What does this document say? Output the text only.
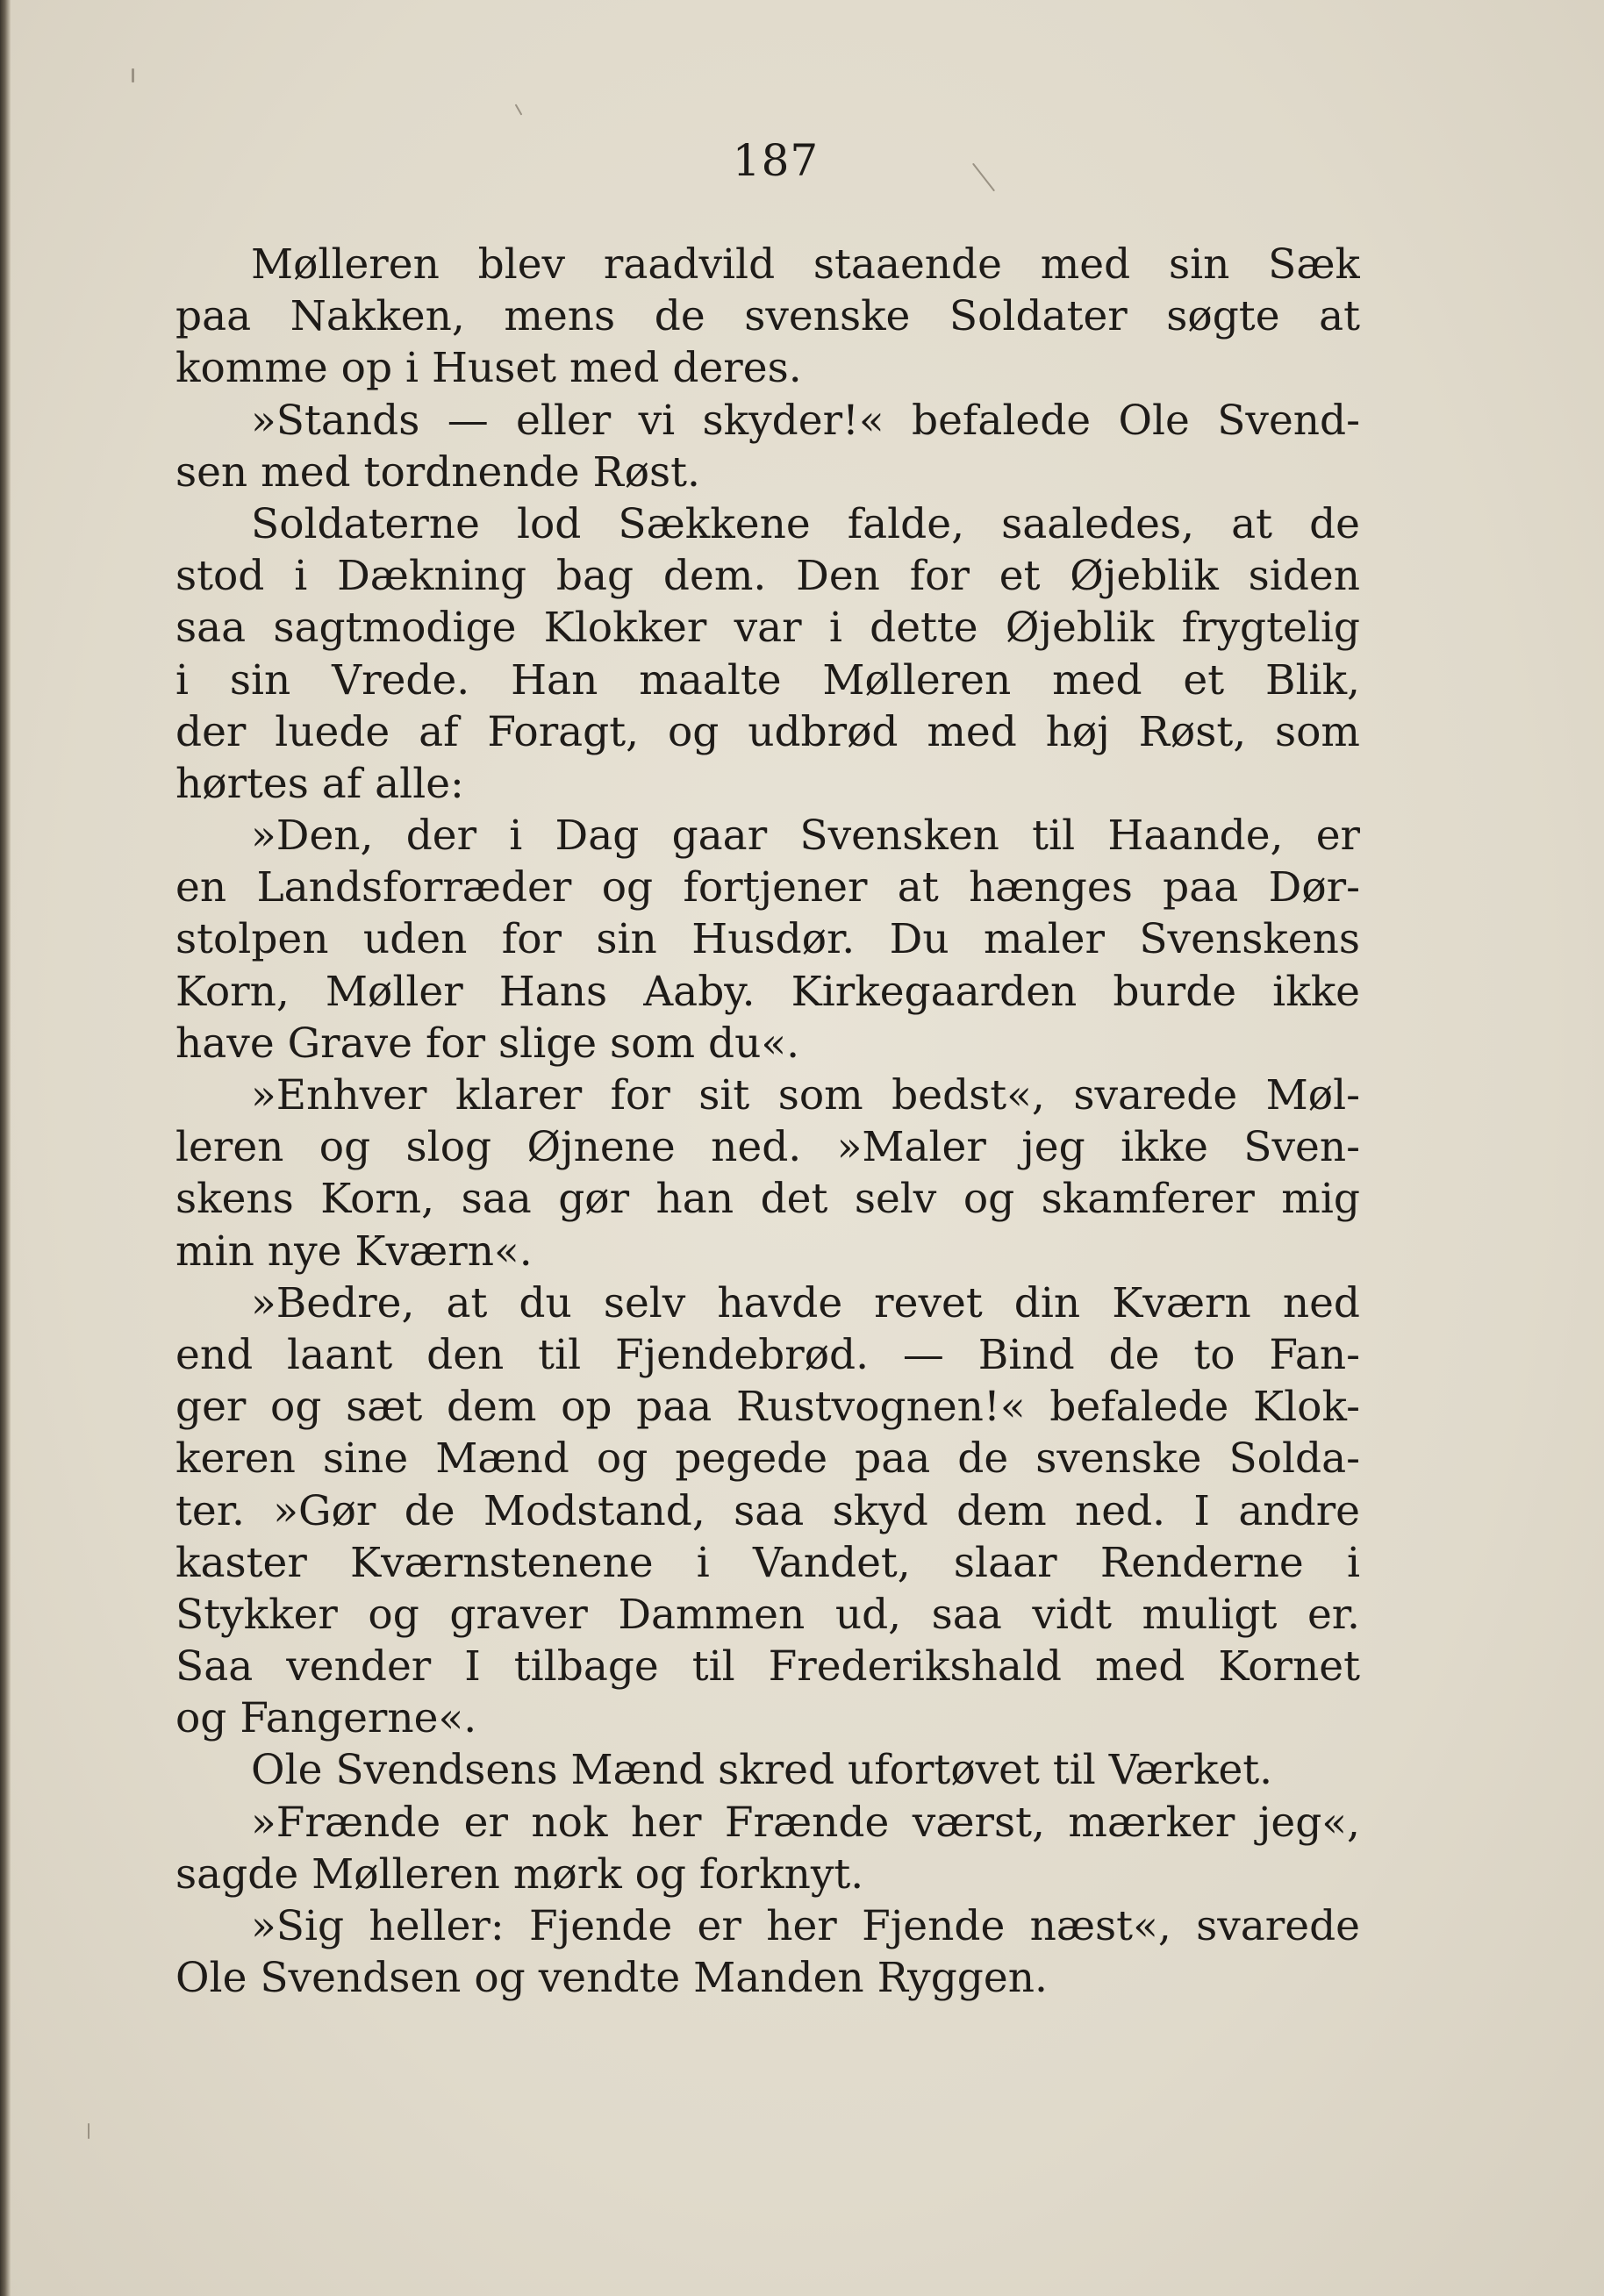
187

Mølleren blev raadvild staaende med sin Sæk
paa Nakken, mens de svenske Soldater søgte at
komme op i Huset med deres.

»Stands — eller vi skyder!« befalede Ole Svend-
sen med tordnende Røst.

Soldaterne lod Sækkene falde, saaledes, at de
stod i Dækning bag dem. Den for et Øjeblik siden
saa sagtmodige Klokker var i dette Øjeblik frygtelig
i sin Vrede. Han maalte Mølleren med et Blik,
der luede af Foragt, og udbrød med høj Røst, som
hørtes af alle:

»Den, der i Dag gaar Svensken til Haande, er
en Landsforræder og fortjener at hænges paa Dør-
stolpen uden for sin Husdør. Du maler Svenskens
Korn, Møller Hans Aaby. Kirkegaarden burde ikke
have Grave for slige som du«.

»Enhver klarer for sit som bedst«, svarede Møl-
leren og slog Øjnene ned. »Maler jeg ikke Sven-
skens Korn, saa gør han det selv og skamferer mig
min nye Kværn«.

»Bedre, at du selv havde revet din Kværn ned
end laant den til Fjendebrød. — Bind de to Fan-
ger og sæt dem op paa Rustvognen!« befalede Klok-
keren sine Mænd og pegede paa de svenske Solda-
ter. »Gør de Modstand, saa skyd dem ned. I andre
kaster Kværnstenene i Vandet, slaar Renderne i
Stykker og graver Dammen ud, saa vidt muligt er.
Saa vender I tilbage til Frederikshald med Kornet
og Fangerne«.

Ole Svendsens Mænd skred ufortøvet til Værket.

»Frænde er nok her Frænde værst, mærker jeg«,
sagde Mølleren mørk og forknyt.

»Sig heller: Fjende er her Fjende næst«, svarede
Ole Svendsen og vendte Manden Ryggen.
